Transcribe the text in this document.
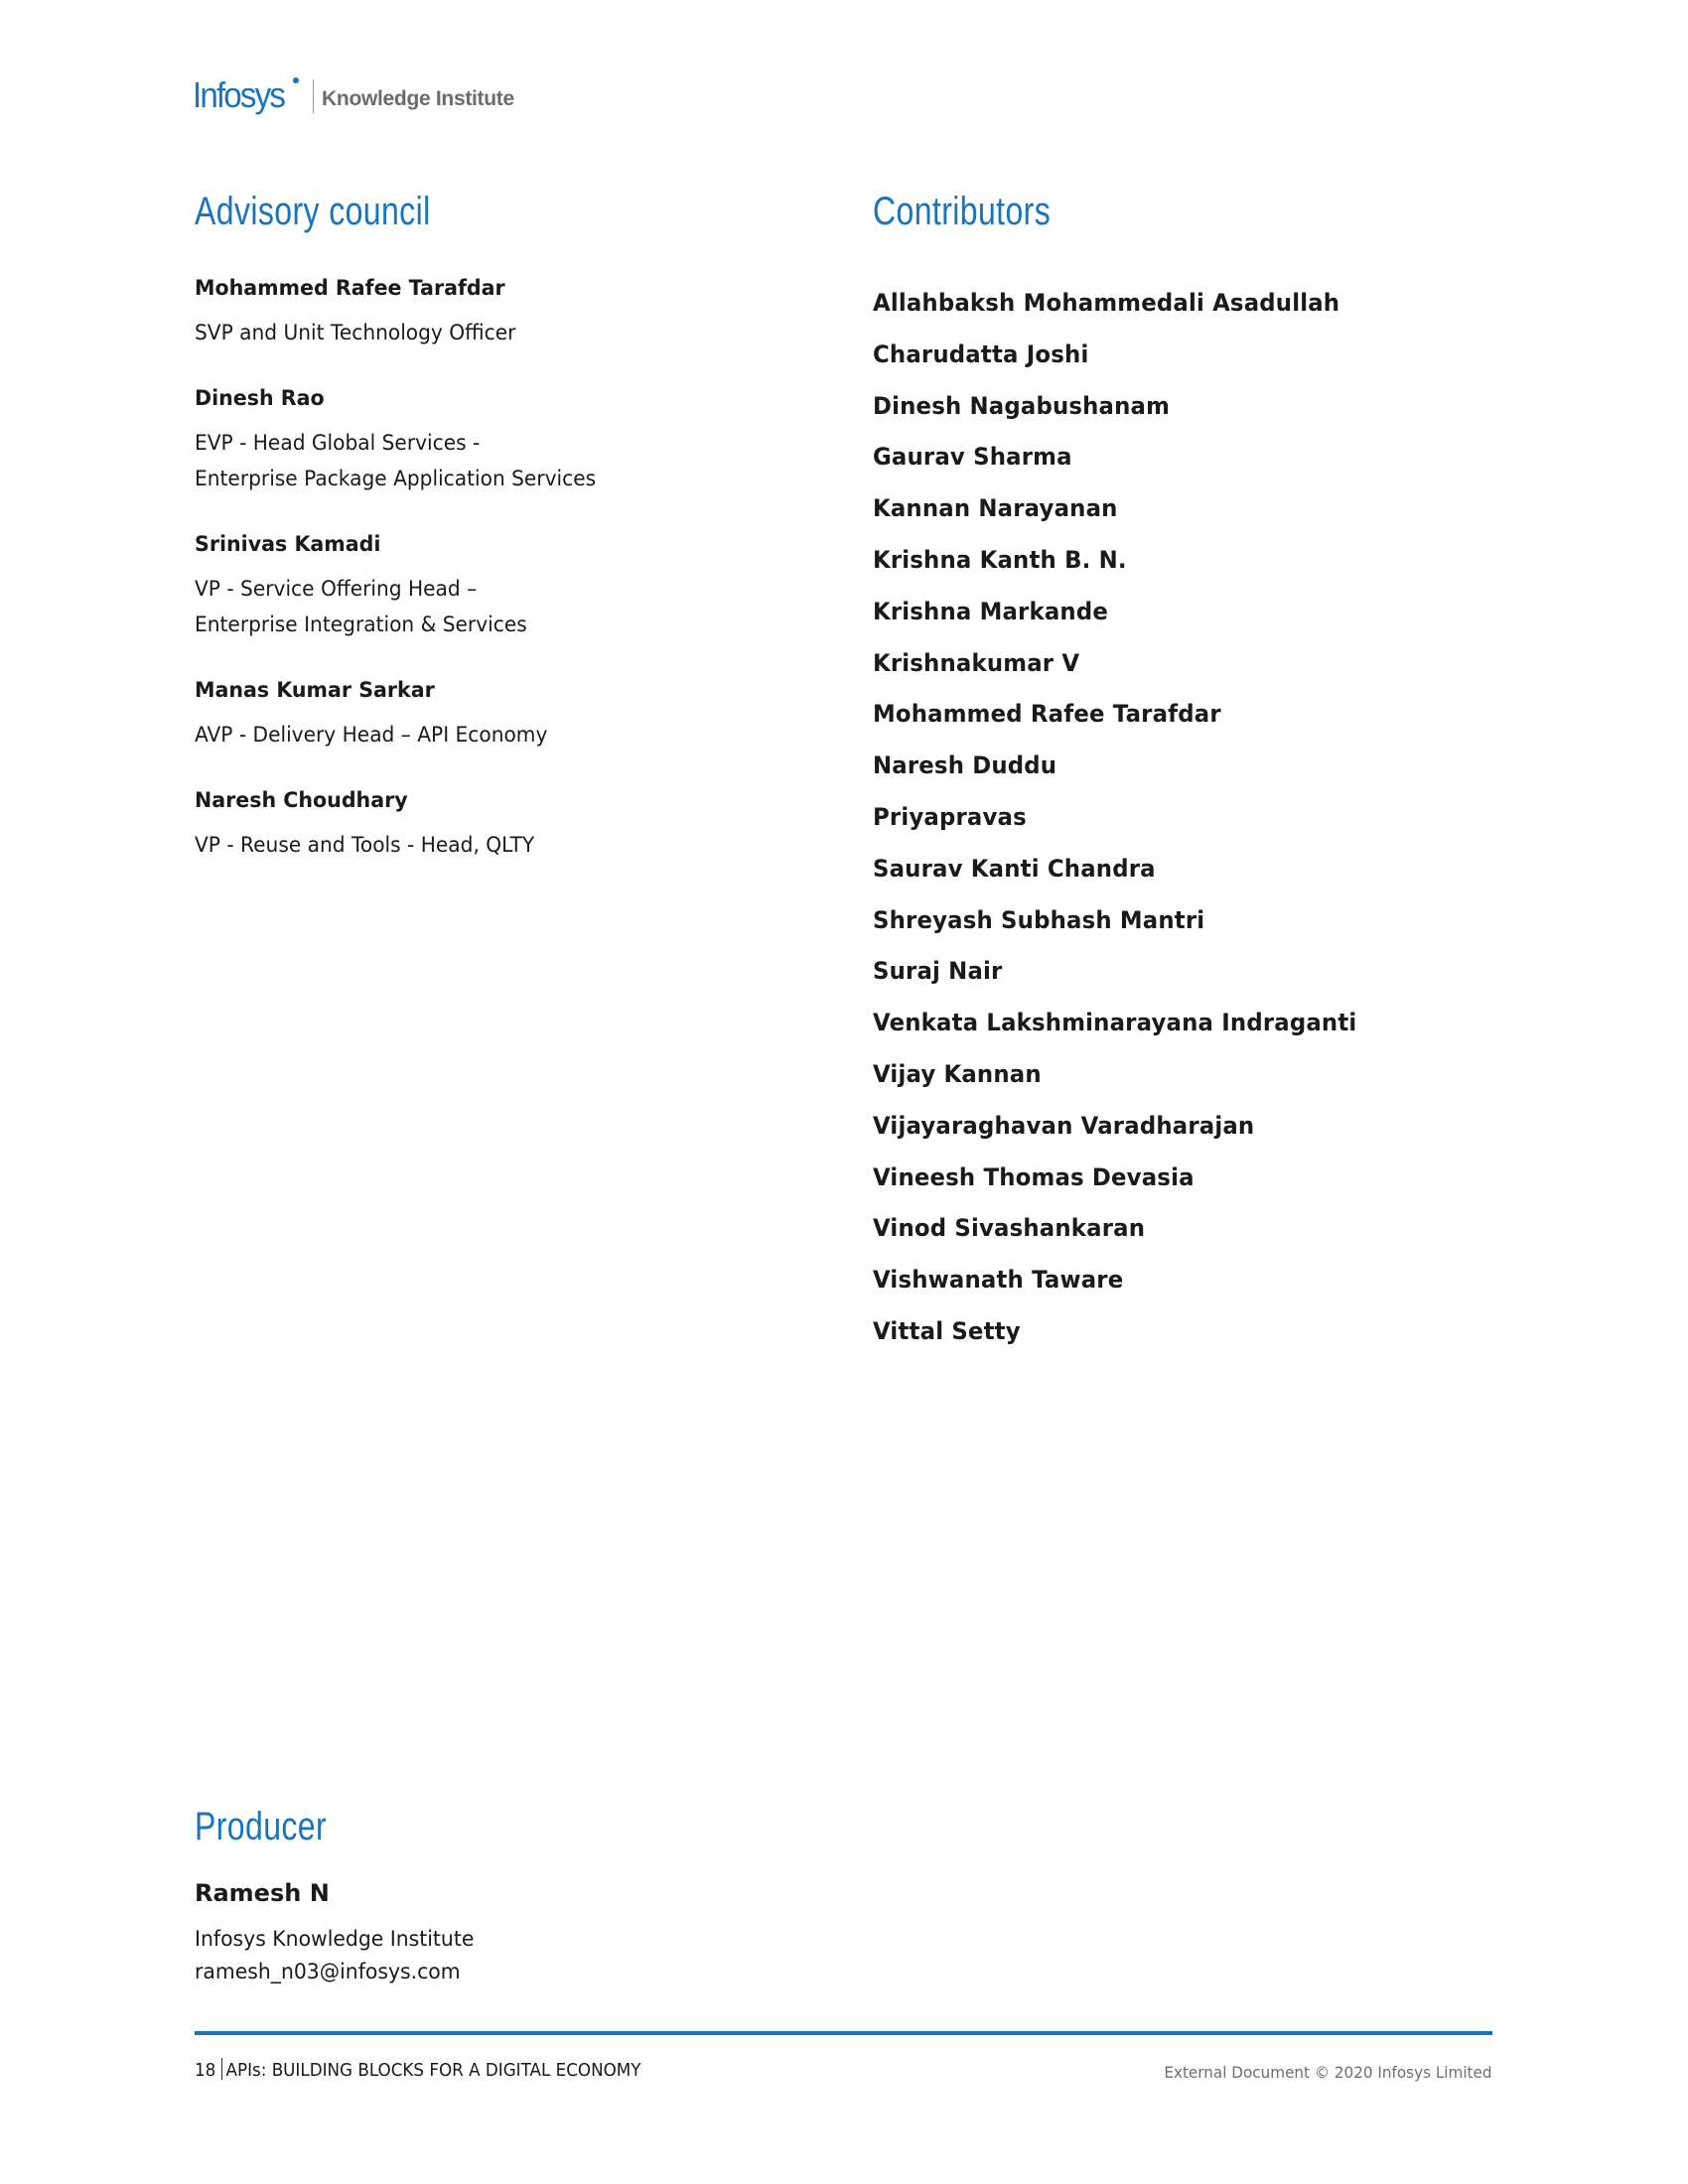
Infosys Knowledge Institute
Advisory council
Mohammed Rafee Tarafdar
SVP and Unit Technology Officer
Dinesh Rao
EVP - Head Global Services -
Enterprise Package Application Services
Srinivas Kamadi
VP - Service Offering Head –
Enterprise Integration & Services
Manas Kumar Sarkar
AVP - Delivery Head – API Economy
Naresh Choudhary
VP - Reuse and Tools - Head, QLTY
Contributors
Allahbaksh Mohammedali Asadullah
Charudatta Joshi
Dinesh Nagabushanam
Gaurav Sharma
Kannan Narayanan
Krishna Kanth B. N.
Krishna Markande
Krishnakumar V
Mohammed Rafee Tarafdar
Naresh Duddu
Priyapravas
Saurav Kanti Chandra
Shreyash Subhash Mantri
Suraj Nair
Venkata Lakshminarayana Indraganti
Vijay Kannan
Vijayaraghavan Varadharajan
Vineesh Thomas Devasia
Vinod Sivashankaran
Vishwanath Taware
Vittal Setty
Producer
Ramesh N
Infosys Knowledge Institute
ramesh_n03@infosys.com
18 APIs: BUILDING BLOCKS FOR A DIGITAL ECONOMY	External Document © 2020 Infosys Limited
